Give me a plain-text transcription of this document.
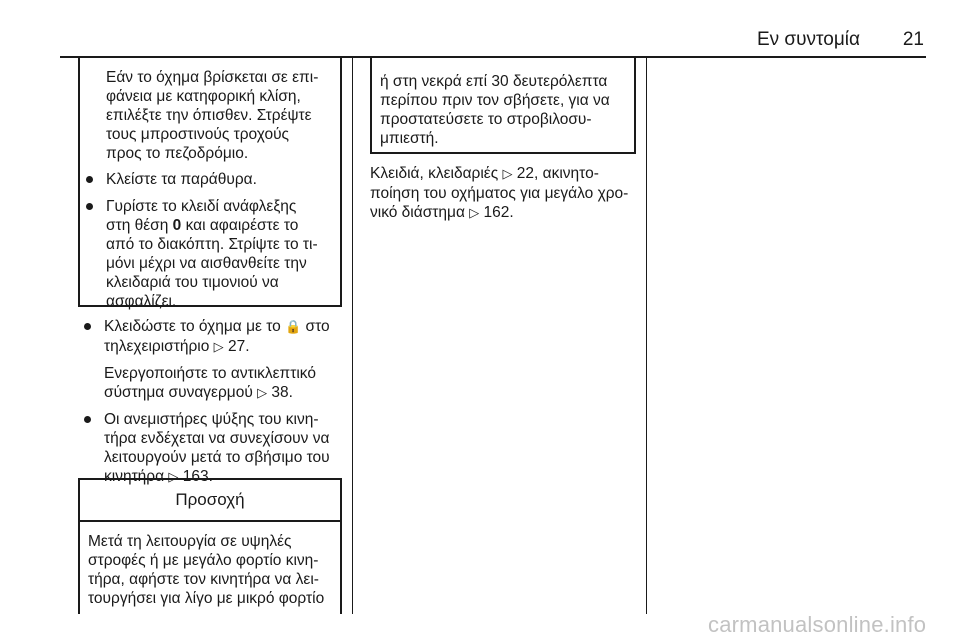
Εν συντομία	21

Εάν το όχημα βρίσκεται σε επι-

φάνεια με κατηφορική κλίση,

επιλέξτε την όπισθεν. Στρέψτε

τους μπροστινούς τροχούς

προς το πεζοδρόμιο.

Κλείστε τα παράθυρα.

Γυρίστε το κλειδί ανάφλεξης

στη θέση 0 και αφαιρέστε το

από το διακόπτη. Στρίψτε το τι-

μόνι μέχρι να αισθανθείτε την

κλειδαριά του τιμονιού να

ασφαλίζει.

Κλειδώστε το όχημα με το 🔒 στο

τηλεχειριστήριο ▷ 27.

Ενεργοποιήστε το αντικλεπτικό

σύστημα συναγερμού ▷ 38.

Οι ανεμιστήρες ψύξης του κινη-

τήρα ενδέχεται να συνεχίσουν να

λειτουργούν μετά το σβήσιμο του

κινητήρα ▷ 163.

Προσοχή

Μετά τη λειτουργία σε υψηλές

στροφές ή με μεγάλο φορτίο κινη-

τήρα, αφήστε τον κινητήρα να λει-

τουργήσει για λίγο με μικρό φορτίο

ή στη νεκρά επί 30 δευτερόλεπτα

περίπου πριν τον σβήσετε, για να

προστατεύσετε το στροβιλοσυ-

μπιεστή.

Κλειδιά, κλειδαριές ▷ 22, ακινητο-

ποίηση του οχήματος για μεγάλο χρο-

νικό διάστημα ▷ 162.

carmanualsonline.info
